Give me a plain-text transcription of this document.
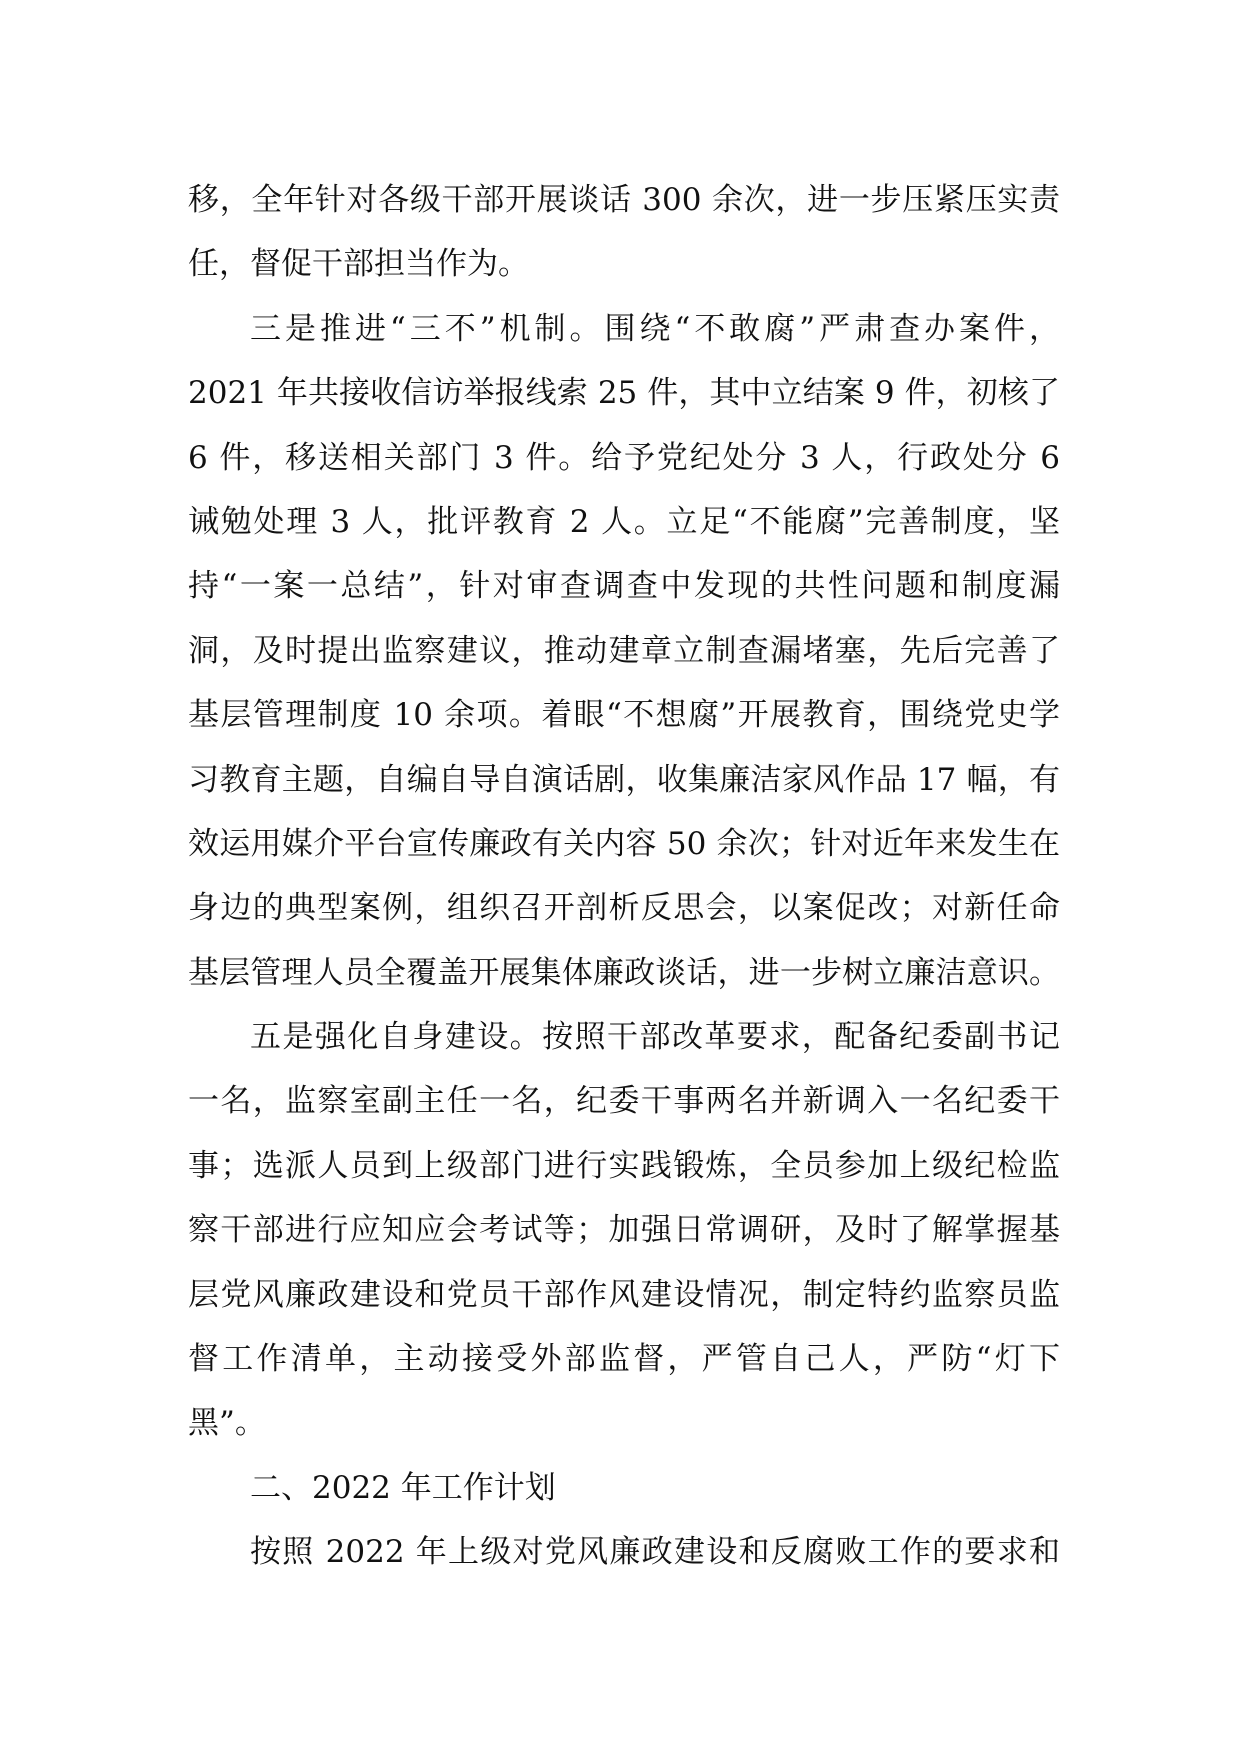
移，全年针对各级干部开展谈话 300 余次，进一步压紧压实责
任，督促干部担当作为。
三是推进“三不”机制。围绕“不敢腐”严肃查办案件，
2021 年共接收信访举报线索 25 件，其中立结案 9 件，初核了
6 件，移送相关部门 3 件。给予党纪处分 3 人，行政处分 6
诫勉处理 3 人，批评教育 2 人。立足“不能腐”完善制度，坚
持“一案一总结”，针对审查调查中发现的共性问题和制度漏
洞，及时提出监察建议，推动建章立制查漏堵塞，先后完善了
基层管理制度 10 余项。着眼“不想腐”开展教育，围绕党史学
习教育主题，自编自导自演话剧，收集廉洁家风作品 17 幅，有
效运用媒介平台宣传廉政有关内容 50 余次；针对近年来发生在
身边的典型案例，组织召开剖析反思会，以案促改；对新任命
基层管理人员全覆盖开展集体廉政谈话，进一步树立廉洁意识。
五是强化自身建设。按照干部改革要求，配备纪委副书记
一名，监察室副主任一名，纪委干事两名并新调入一名纪委干
事；选派人员到上级部门进行实践锻炼，全员参加上级纪检监
察干部进行应知应会考试等；加强日常调研，及时了解掌握基
层党风廉政建设和党员干部作风建设情况，制定特约监察员监
督工作清单，主动接受外部监督，严管自己人，严防“灯下
黑”。
二、2022 年工作计划
按照 2022 年上级对党风廉政建设和反腐败工作的要求和
